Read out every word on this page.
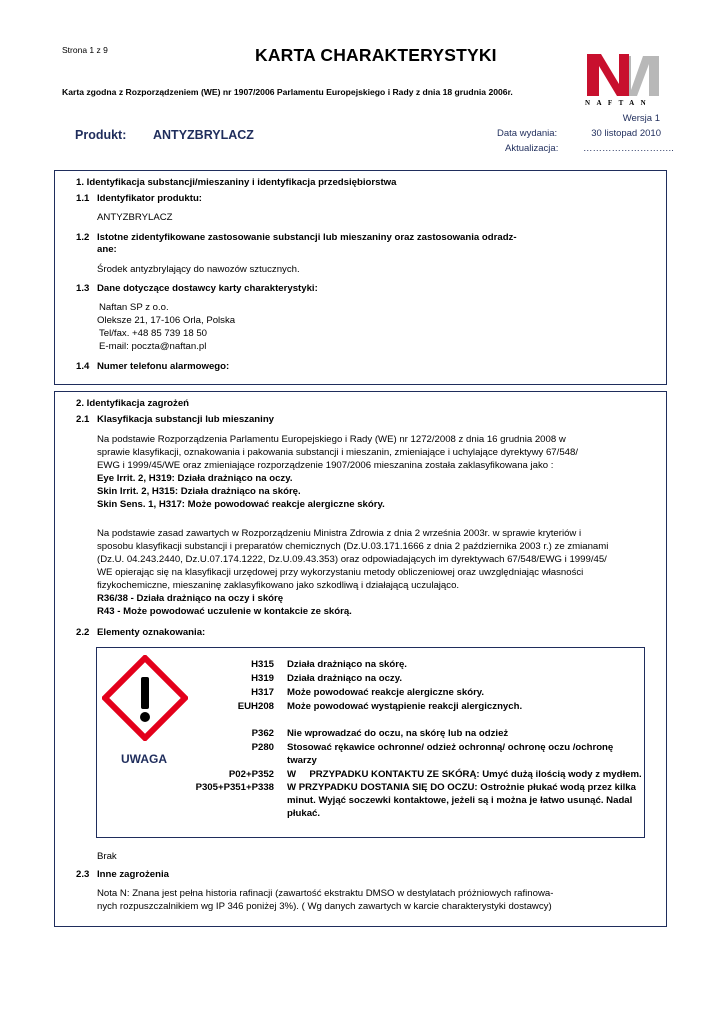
Strona 1 z 9	KARTA CHARAKTERYSTYKI
Karta zgodna z Rozporządzeniem (WE) nr 1907/2006 Parlamentu Europejskiego i Rady z dnia 18 grudnia 2006r.
NAFTAN
Produkt: ANTYZBRYLACZ
Wersja 1
Data wydania:	30 listopad 2010
Aktualizacja:	………………………..
1. Identyfikacja substancji/mieszaniny i identyfikacja przedsiębiorstwa
1.1 Identyfikator produktu:
ANTYZBRYLACZ
1.2 Istotne zidentyfikowane zastosowanie substancji lub mieszaniny oraz zastosowania odradz-
ane:
Środek antyzbrylający do nawozów sztucznych.
1.3 Dane dotyczące dostawcy karty charakterystyki:
Naftan SP z o.o.
Oleksze 21, 17-106 Orla, Polska
Tel/fax. +48 85 739 18 50
E-mail: poczta@naftan.pl
1.4 Numer telefonu alarmowego:
2. Identyfikacja zagrożeń
2.1 Klasyfikacja substancji lub mieszaniny
Na podstawie Rozporządzenia Parlamentu Europejskiego i Rady (WE) nr 1272/2008 z dnia 16 grudnia 2008 w
sprawie klasyfikacji, oznakowania i pakowania substancji i mieszanin, zmieniające i uchylające dyrektywy 67/548/
EWG i 1999/45/WE oraz zmieniające rozporządzenie 1907/2006 mieszanina została zaklasyfikowana jako :
Eye Irrit. 2, H319: Działa drażniąco na oczy.
Skin Irrit. 2, H315: Działa drażniąco na skórę.
Skin Sens. 1, H317: Może powodować reakcje alergiczne skóry.
Na podstawie zasad zawartych w Rozporządzeniu Ministra Zdrowia z dnia 2 września 2003r. w sprawie kryteriów i
sposobu klasyfikacji substancji i preparatów chemicznych (Dz.U.03.171.1666 z dnia 2 października 2003 r.) ze zmianami
(Dz.U. 04.243.2440, Dz.U.07.174.1222, Dz.U.09.43.353) oraz odpowiadających im dyrektywach 67/548/EWG i 1999/45/
WE opierając się na klasyfikacji urzędowej przy wykorzystaniu metody obliczeniowej oraz uwzględniając własności
fizykochemiczne, mieszaninę zaklasyfikowano jako szkodliwą i działającą uczulająco.
R36/38 - Działa drażniąco na oczy i skórę
R43 - Może powodować uczulenie w kontakcie ze skórą.
2.2 Elementy oznakowania:
UWAGA
H315 Działa drażniąco na skórę.
H319 Działa drażniąco na oczy.
H317 Może powodować reakcje alergiczne skóry.
EUH208 Może powodować wystąpienie reakcji alergicznych.
P362 Nie wprowadzać do oczu, na skórę lub na odzież
P280 Stosować rękawice ochronne/ odzież ochronną/ ochronę oczu /ochronę
twarzy
P02+P352 W     PRZYPADKU KONTAKTU ZE SKÓRĄ: Umyć dużą ilością wody z mydłem.
P305+P351+P338 W PRZYPADKU DOSTANIA SIĘ DO OCZU: Ostrożnie płukać wodą przez kilka
minut. Wyjąć soczewki kontaktowe, jeżeli są i można je łatwo usunąć. Nadal
płukać.
Brak
2.3 Inne zagrożenia
Nota N: Znana jest pełna historia rafinacji (zawartość ekstraktu DMSO w destylatach próżniowych rafinowa-
nych rozpuszczalnikiem wg IP 346 poniżej 3%). ( Wg danych zawartych w karcie charakterystyki dostawcy)
